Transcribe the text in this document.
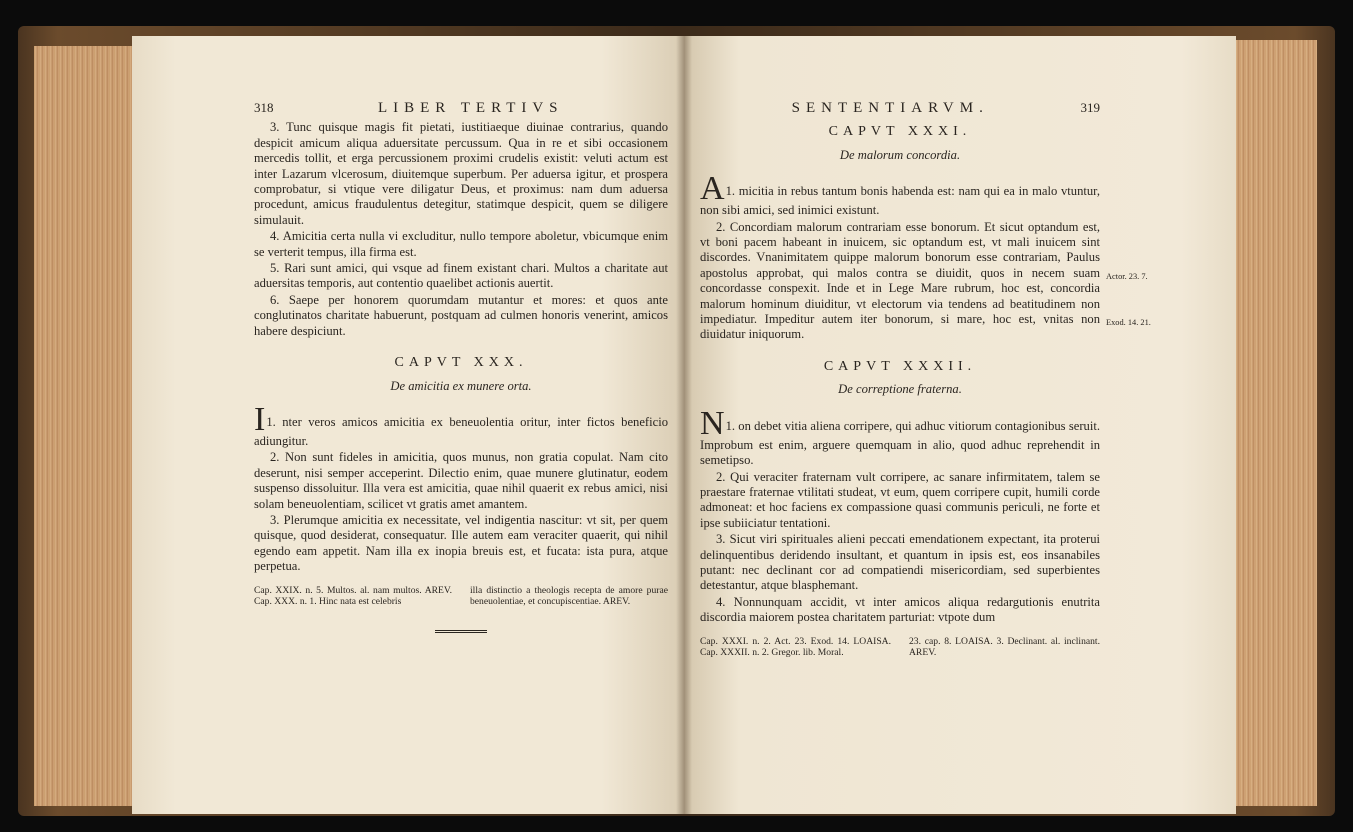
318	LIBER TERTIVS

3. Tunc quisque magis fit pietati, iustitiaeque diuinae contrarius, quando despicit amicum aliqua aduersitate percussum. Qua in re et sibi occasionem mercedis tollit, et erga percussionem proximi crudelis existit: veluti actum est inter Lazarum vlcerosum, diuitemque superbum. Per aduersa igitur, et prospera comprobatur, si vtique vere diligatur Deus, et proximus: nam dum aduersa procedunt, amicus fraudulentus detegitur, statimque despicit, quem se diligere simulauit.

4. Amicitia certa nulla vi excluditur, nullo tempore aboletur, vbicumque enim se verterit tempus, illa firma est.

5. Rari sunt amici, qui vsque ad finem existant chari. Multos a charitate aut aduersitas temporis, aut contentio quaelibet actionis auertit.

6. Saepe per honorem quorumdam mutantur et mores: et quos ante conglutinatos charitate habuerunt, postquam ad culmen honoris venerint, amicos habere despiciunt.

CAPVT XXX.
De amicitia ex munere orta.

I1. nter veros amicos amicitia ex beneuolentia oritur, inter fictos beneficio adiungitur.

2. Non sunt fideles in amicitia, quos munus, non gratia copulat. Nam cito deserunt, nisi semper acceperint. Dilectio enim, quae munere glutinatur, eodem suspenso dissoluitur. Illa vera est amicitia, quae nihil quaerit ex rebus amici, nisi solam beneuolentiam, scilicet vt gratis amet amantem.

3. Plerumque amicitia ex necessitate, vel indigentia nascitur: vt sit, per quem quisque, quod desiderat, consequatur. Ille autem eam veraciter quaerit, qui nihil egendo eam appetit. Nam illa ex inopia breuis est, et fucata: ista pura, atque perpetua.

Cap. XXIX. n. 5. Multos. al. nam multos. AREV. Cap. XXX. n. 1. Hinc nata est celebris
illa distinctio a theologis recepta de amore purae beneuolentiae, et concupiscentiae. AREV.
SENTENTIARVM.	319
CAPVT XXXI.
De malorum concordia.

A1. micitia in rebus tantum bonis habenda est: nam qui ea in malo vtuntur, non sibi amici, sed inimici existunt.

2. Concordiam malorum contrariam esse bonorum. Et sicut optandum est, vt boni pacem habeant in inuicem, sic optandum est, vt mali inuicem sint discordes. Vnanimitatem quippe malorum bonorum esse contrariam, Paulus apostolus approbat, qui malos contra se diuidit, quos in necem suam concordasse conspexit. Inde et in Lege Mare rubrum, hoc est, concordia malorum hominum diuiditur, vt electorum via tendens ad beatitudinem non impediatur. Impeditur autem iter bonorum, si mare, hoc est, vnitas non diuidatur iniquorum.

CAPVT XXXII.
De correptione fraterna.

N1. on debet vitia aliena corripere, qui adhuc vitiorum contagionibus seruit. Improbum est enim, arguere quemquam in alio, quod adhuc reprehendit in semetipso.

2. Qui veraciter fraternam vult corripere, ac sanare infirmitatem, talem se praestare fraternae vtilitati studeat, vt eum, quem corripere cupit, humili corde admoneat: et hoc faciens ex compassione quasi communis periculi, ne forte et ipse subiiciatur tentationi.

3. Sicut viri spirituales alieni peccati emendationem expectant, ita proterui delinquentibus deridendo insultant, et quantum in ipsis est, eos insanabiles putant: nec declinant cor ad compatiendi misericordiam, sed superbientes detestantur, atque blasphemant.

4. Nonnunquam accidit, vt inter amicos aliqua redargutionis enutrita discordia maiorem postea charitatem parturiat: vtpote dum

Cap. XXXI. n. 2. Act. 23. Exod. 14. LOAISA. Cap. XXXII. n. 2. Gregor. lib. Moral.
23. cap. 8. LOAISA. 3. Declinant. al. inclinant. AREV.
Actor. 23. 7.
Exod. 14. 21.
